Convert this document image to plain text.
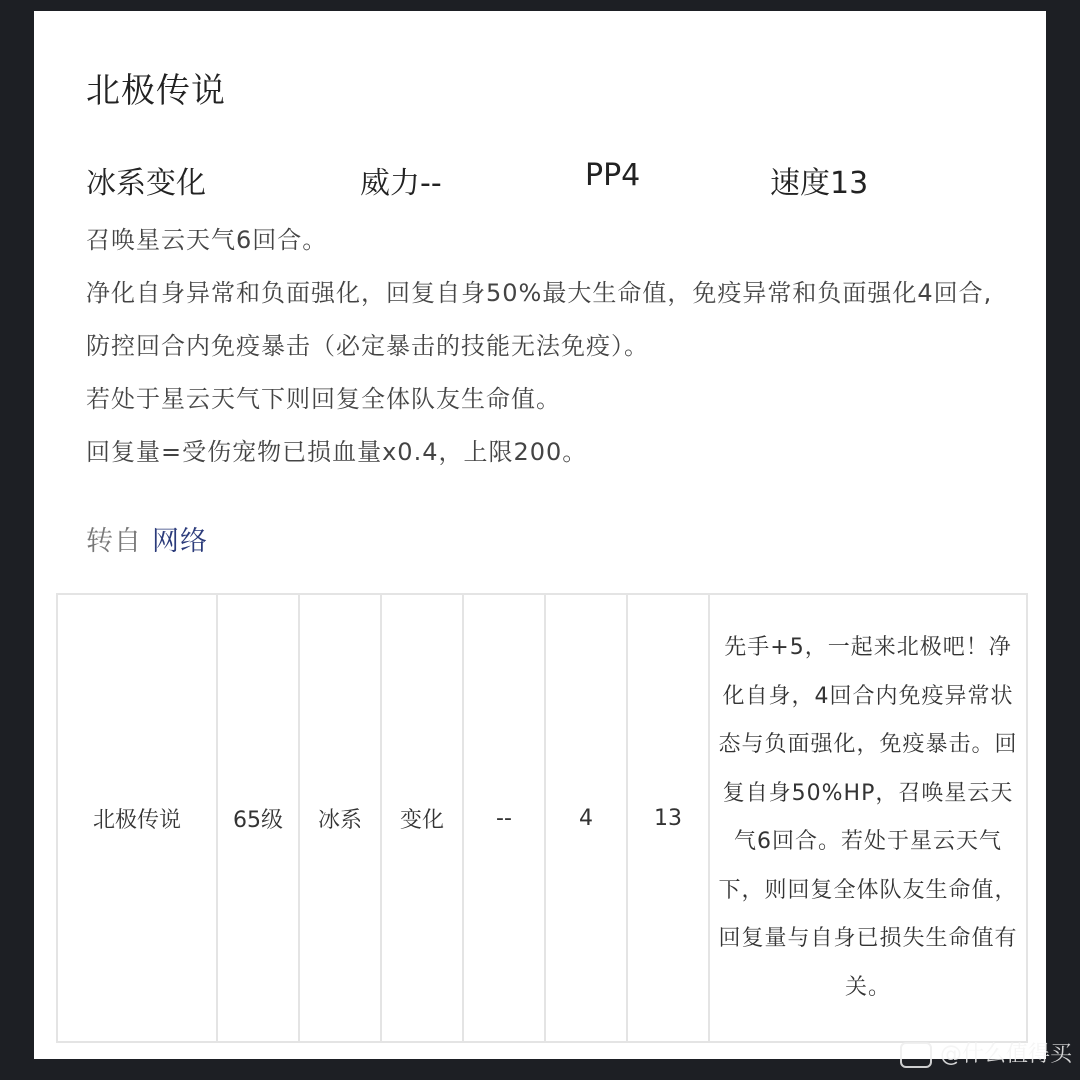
北极传说
冰系变化	威力--	PP4	速度13

召唤星云天气6回合。

净化自身异常和负面强化，回复自身50%最大生命值，免疫异常和负面强化4回合,防控回合内免疫暴击（必定暴击的技能无法免疫）。

若处于星云天气下则回复全体队友生命值。

回复量=受伤宠物已损血量x0.4，上限200。

转自 网络
北极传说	65级	冰系	变化	--	4	13	先手+5，一起来北极吧！净化自身，4回合内免疫异常状态与负面强化，免疫暴击。回复自身50%HP，召唤星云天气6回合。若处于星云天气下，则回复全体队友生命值，回复量与自身已损失生命值有关。
@什么值得买
